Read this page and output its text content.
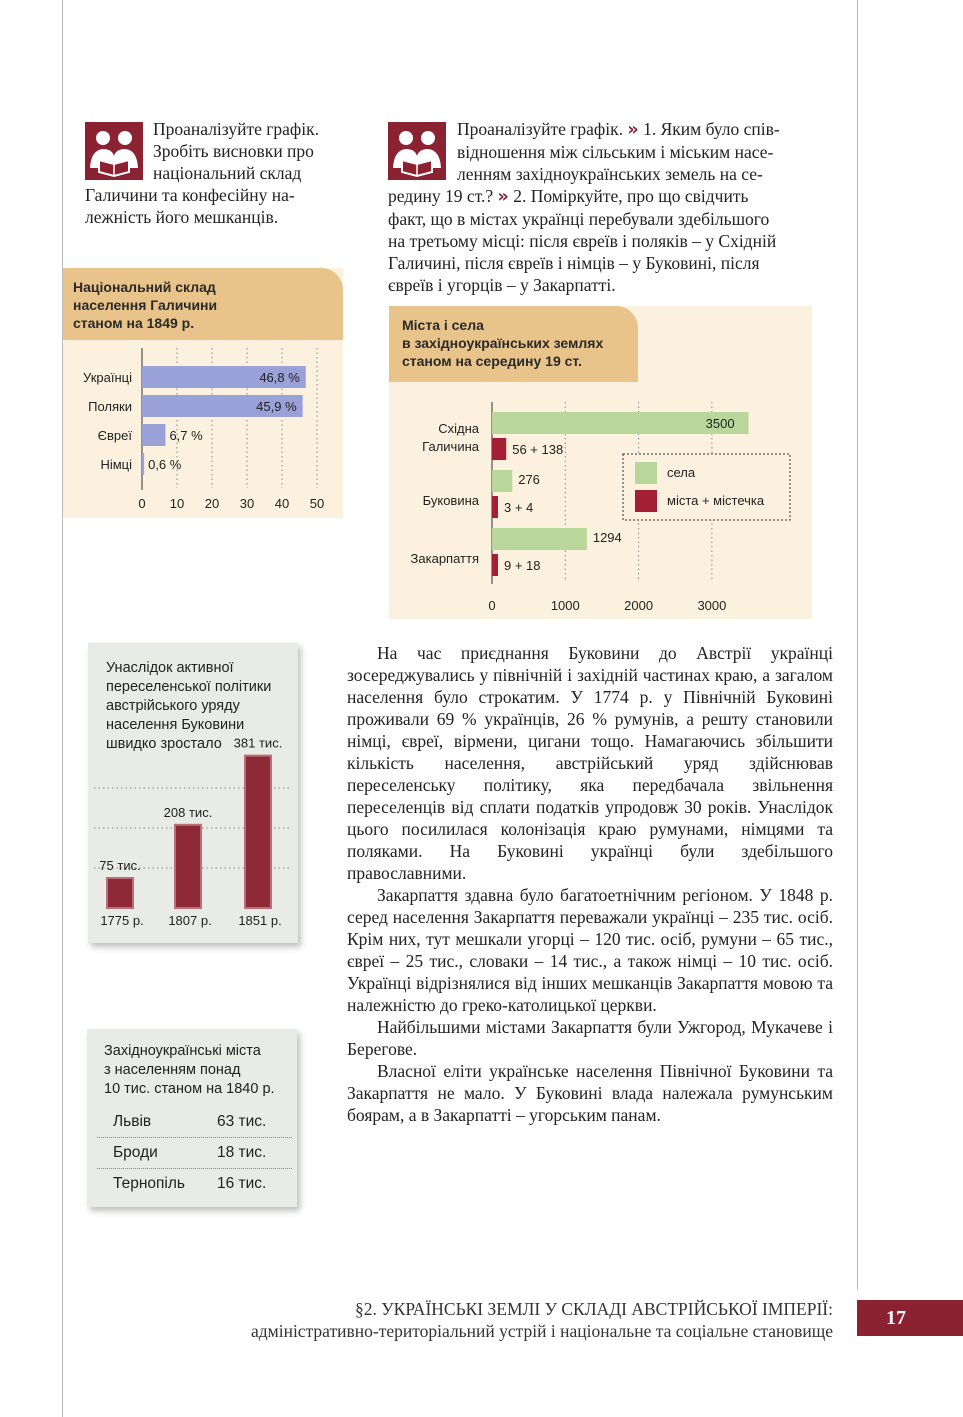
Проаналізуйте графік.
Зробіть висновки про
національний склад
Галичини та конфесійну на-
лежність його мешканців.
Проаналізуйте графік. » 1. Яким було спів-
відношення між сільським і міським насе-
ленням західноукраїнських земель на се-
редину 19 ст.? » 2. Поміркуйте, про що свідчить
факт, що в містах українці перебували здебільшого
на третьому місці: після євреїв і поляків – у Східній
Галичині, після євреїв і німців – у Буковині, після
євреїв і угорців – у Закарпатті.
Національний склад
населення Галичини
станом на 1849 р.
0 10 20 30 40 50
Українці	46,8 %
Поляки	45,9 %
Євреї	6,7 %
Німці 0,6 %
Міста і села
в західноукраїнських землях
станом на середину 19 ст.
0	1000	2000	3000
3500
56 + 138
Східна
Галичина
276
3 + 4
Буковина
1294
9 + 18
Закарпаття
села
міста + містечка
Унаслідок активної
переселенської політики
австрійського уряду
населення Буковини
швидко зростало
75 тис.
1775 р.
208 тис.
1807 р.
381 тис.
1851 р.
Західноукраїнські міста
з населенням понад
10 тис. станом на 1840 р.
Львів	63 тис.
Броди	18 тис.
Тернопіль	16 тис.

На час приєднання Буковини до Австрії українці зосереджувались у північній і західній частинах краю, а загалом населення було строкатим. У 1774 р. у Північній Буковині проживали 69 % українців, 26 % румунів, а решту становили німці, євреї, вірмени, цигани тощо. Намагаючись збільшити кількість населення, австрійський уряд здійснював переселенську політику, яка передбачала звільнення переселенців від сплати податків упродовж 30 років. Унаслідок цього посилилася колонізація краю румунами, німцями та поляками. На Буковині українці були здебільшого православними.

Закарпаття здавна було багатоетнічним регіоном. У 1848 р. серед населення Закарпаття переважали українці – 235 тис. осіб. Крім них, тут мешкали угорці – 120 тис. осіб, румуни – 65 тис., євреї – 25 тис., словаки – 14 тис., а також німці – 10 тис. осіб. Українці відрізнялися від інших мешканців Закарпаття мовою та належністю до греко-католицької церкви.

Найбільшими містами Закарпаття були Ужгород, Мукачеве і Берегове.

Власної еліти українське населення Північної Буковини та Закарпаття не мало. У Буковині влада належала румунським боярам, а в Закарпатті – угорським панам.

§2. УКРАЇНСЬКІ ЗЕМЛІ У СКЛАДІ АВСТРІЙСЬКОЇ ІМПЕРІЇ:
адміністративно-територіальний устрій і національне та соціальне становище
17
